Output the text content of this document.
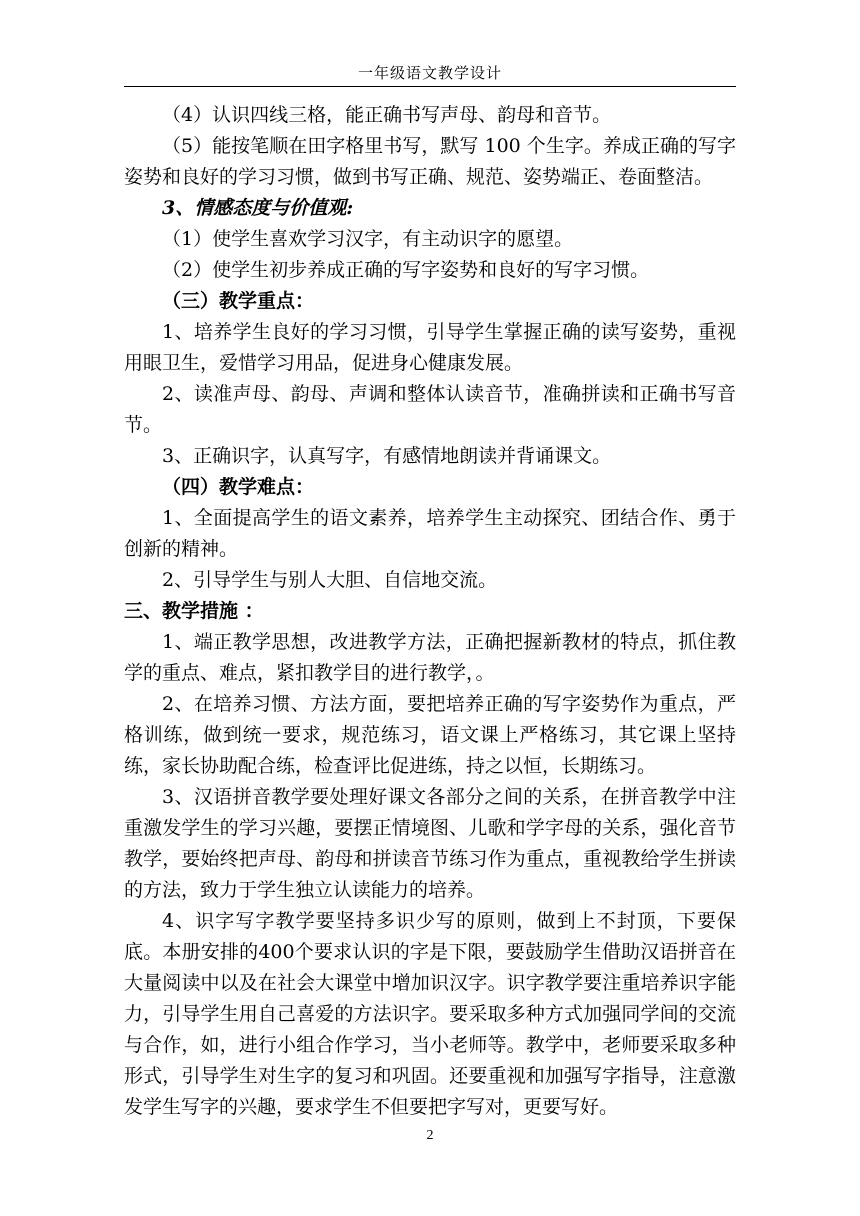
一年级语文教学设计

（4）认识四线三格，能正确书写声母、韵母和音节。

（5）能按笔顺在田字格里书写，默写 100 个生字。养成正确的写字姿势和良好的学习习惯，做到书写正确、规范、姿势端正、卷面整洁。

3、情感态度与价值观:

（1）使学生喜欢学习汉字，有主动识字的愿望。

（2）使学生初步养成正确的写字姿势和良好的写字习惯。

（三）教学重点：

1、培养学生良好的学习习惯，引导学生掌握正确的读写姿势，重视用眼卫生，爱惜学习用品，促进身心健康发展。

2、读准声母、韵母、声调和整体认读音节，准确拼读和正确书写音节。

3、正确识字，认真写字，有感情地朗读并背诵课文。

（四）教学难点：

1、全面提高学生的语文素养，培养学生主动探究、团结合作、勇于创新的精神。

2、引导学生与别人大胆、自信地交流。

三、教学措施 ：

1、端正教学思想，改进教学方法，正确把握新教材的特点，抓住教学的重点、难点，紧扣教学目的进行教学，。

2、在培养习惯、方法方面，要把培养正确的写字姿势作为重点，严格训练，做到统一要求，规范练习，语文课上严格练习，其它课上坚持练，家长协助配合练，检查评比促进练，持之以恒，长期练习。

3、汉语拼音教学要处理好课文各部分之间的关系，在拼音教学中注重激发学生的学习兴趣，要摆正情境图、儿歌和学字母的关系，强化音节教学，要始终把声母、韵母和拼读音节练习作为重点，重视教给学生拼读的方法，致力于学生独立认读能力的培养。

4、识字写字教学要坚持多识少写的原则，做到上不封顶，下要保底。本册安排的400个要求认识的字是下限，要鼓励学生借助汉语拼音在大量阅读中以及在社会大课堂中增加识汉字。识字教学要注重培养识字能力，引导学生用自己喜爱的方法识字。要采取多种方式加强同学间的交流与合作，如，进行小组合作学习，当小老师等。教学中，老师要采取多种形式，引导学生对生字的复习和巩固。还要重视和加强写字指导，注意激发学生写字的兴趣，要求学生不但要把字写对，更要写好。

2
